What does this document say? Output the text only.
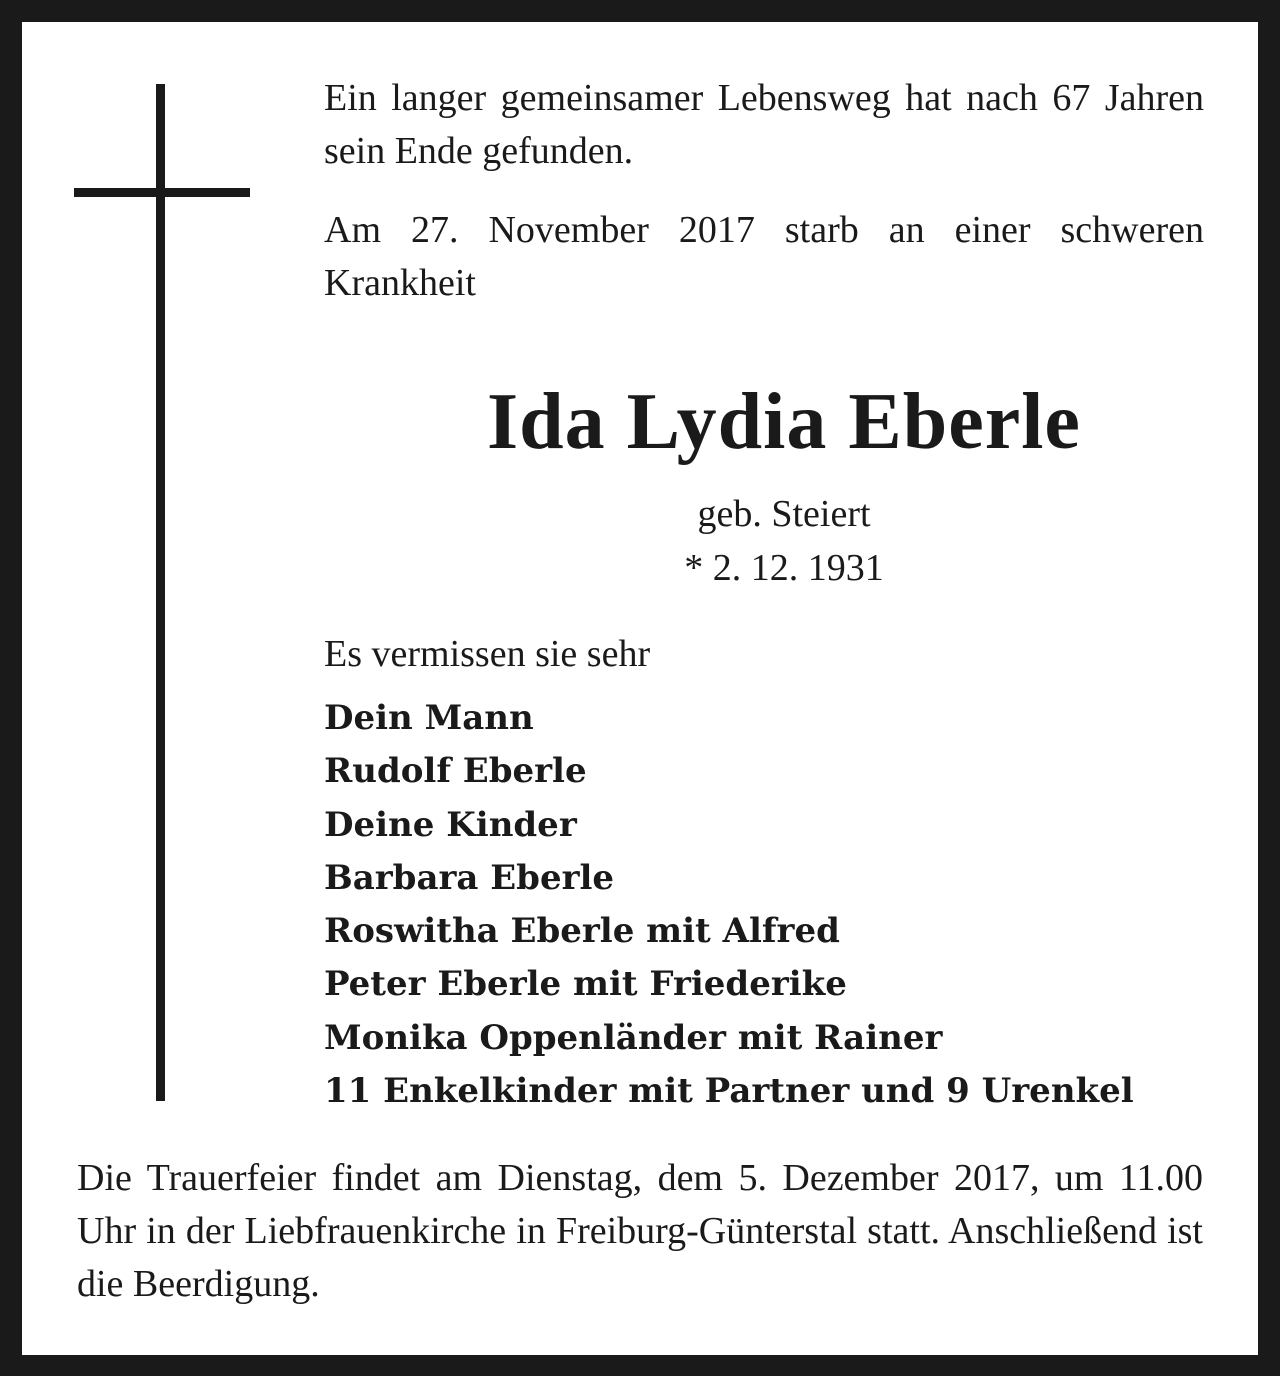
Ein langer gemeinsamer Lebensweg hat nach 67 Jahren sein Ende gefunden.

Am 27. November 2017 starb an einer schweren Krankheit

Ida Lydia Eberle
geb. Steiert
* 2. 12. 1931

Es vermissen sie sehr

Dein Mann
Rudolf Eberle
Deine Kinder
Barbara Eberle
Roswitha Eberle mit Alfred
Peter Eberle mit Friederike
Monika Oppenländer mit Rainer
11 Enkelkinder mit Partner und 9 Urenkel

Die Trauerfeier findet am Dienstag, dem 5. Dezember 2017, um 11.00 Uhr in der Liebfrauenkirche in Freiburg-Günterstal statt. Anschließend ist die Beerdigung.
